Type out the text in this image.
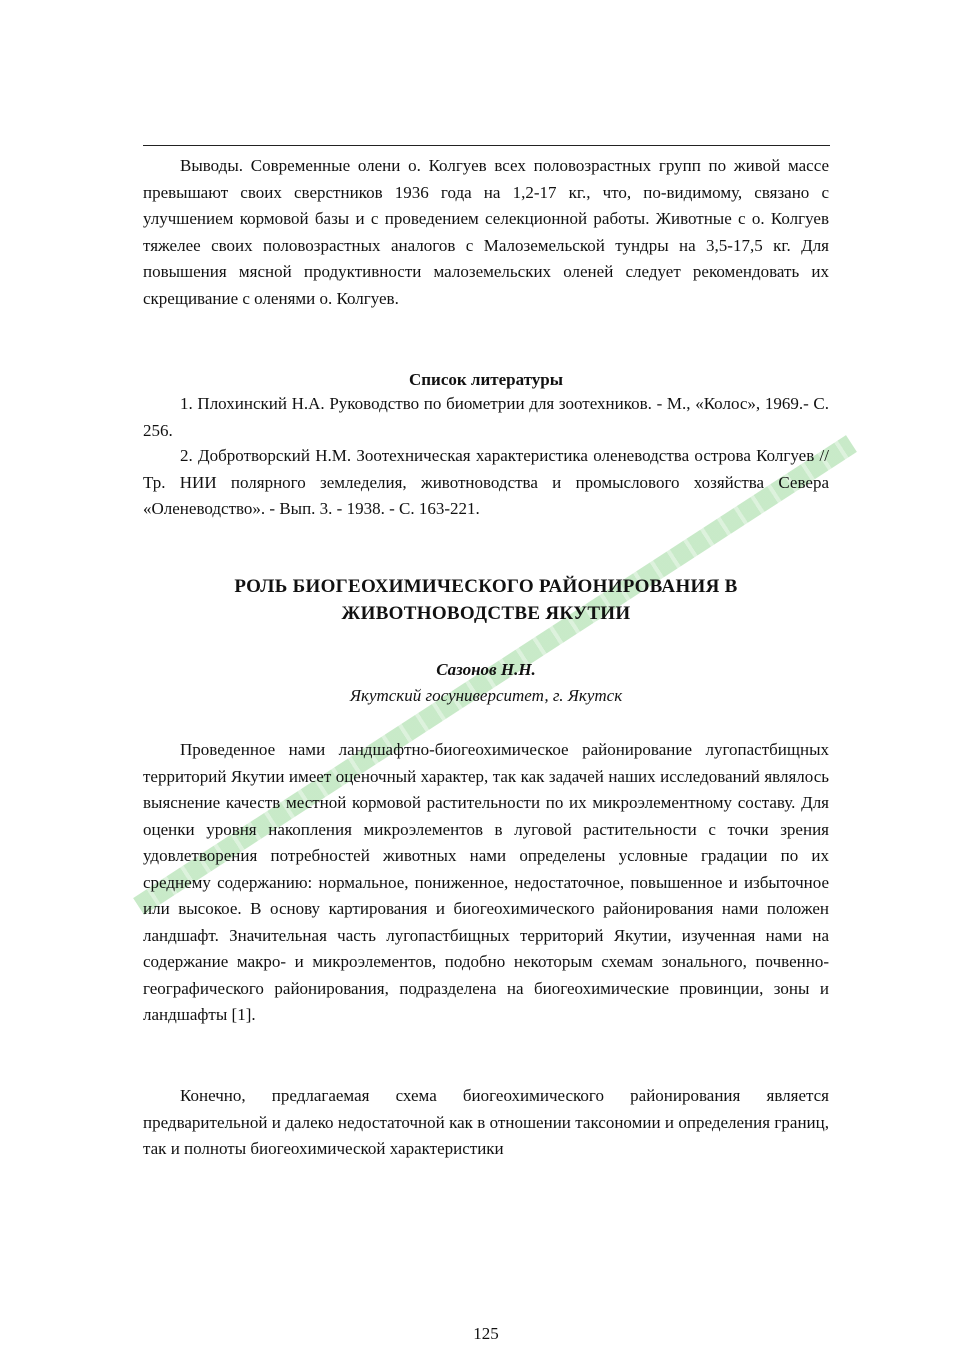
Выводы. Современные олени о. Колгуев всех половозрастных групп по живой массе превышают своих сверстников 1936 года на 1,2-17 кг., что, по-видимому, связано с улучшением кормовой базы и с проведением селекционной работы. Животные с о. Колгуев тяжелее своих половозрастных аналогов с Малоземельской тундры на 3,5-17,5 кг. Для повышения мясной продуктивности малоземельских оленей следует рекомендовать их скрещивание с оленями о. Колгуев.

Список литературы

1. Плохинский Н.А. Руководство по биометрии для зоотехников. - М., «Колос», 1969.- С. 256.

2. Добротворский Н.М. Зоотехническая характеристика оленеводства острова Колгуев //Тр. НИИ полярного земледелия, животноводства и промыслового хозяйства Севера «Оленеводство». - Вып. 3. - 1938. - С. 163-221.

РОЛЬ БИОГЕОХИМИЧЕСКОГО РАЙОНИРОВАНИЯ В ЖИВОТНОВОДСТВЕ ЯКУТИИ
Сазонов Н.Н.
Якутский госуниверситет, г. Якутск

Проведенное нами ландшафтно-биогеохимическое районирование лугопастбищных территорий Якутии имеет оценочный характер, так как задачей наших исследований являлось выяснение качеств местной кормовой растительности по их микроэлементному составу. Для оценки уровня накопления микроэлементов в луговой растительности с точки зрения удовлетворения потребностей животных нами определены условные градации по их среднему содержанию: нормальное, пониженное, недостаточное, повышенное и избыточное или высокое. В основу картирования и биогеохимического районирования нами положен ландшафт. Значительная часть лугопастбищных территорий Якутии, изученная нами на содержание макро- и микроэлементов, подобно некоторым схемам зонального, почвенно-географического районирования, подразделена на биогеохимические провинции, зоны и ландшафты [1].

Конечно, предлагаемая схема биогеохимического районирования является предварительной и далеко недостаточной как в отношении таксономии и определения границ, так и полноты биогеохимической характеристики

125
